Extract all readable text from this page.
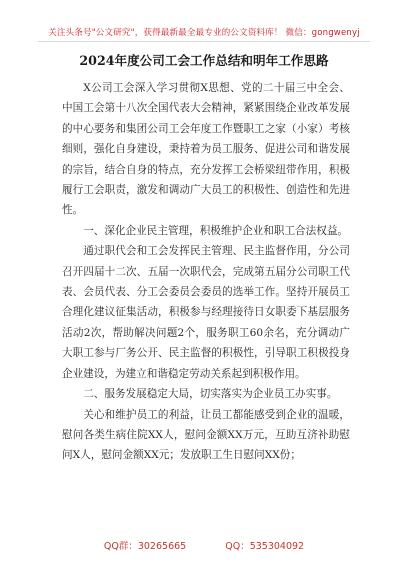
关注头条号"公文研究"，获得最新最全最专业的公文资料库！ 微信：gongwenyj
2024年度公司工会工作总结和明年工作思路

X公司工会深入学习贯彻X思想、党的二十届三中全会、中国工会第十八次全国代表大会精神，紧紧围绕企业改革发展的中心要务和集团公司工会年度工作暨职工之家（小家）考核细则，强化自身建设，秉持着为员工服务、促进公司和谐发展的宗旨，结合自身的特点，充分发挥工会桥梁纽带作用，积极履行工会职责，激发和调动广大员工的积极性、创造性和先进性。

一、深化企业民主管理，积极维护企业和职工合法权益。

通过职代会和工会发挥民主管理、民主监督作用，分公司召开四届十二次、五届一次职代会，完成第五届分公司职工代表、会员代表、分工会委员会委员的选举工作。坚持开展员工合理化建议征集活动，积极参与经理接待日女职委下基层服务活动2次，帮助解决问题2个，服务职工60余名，充分调动广大职工参与厂务公开、民主监督的积极性，引导职工积极投身企业建设，为建立和谐稳定劳动关系起到积极作用。

二、服务发展稳定大局，切实落实为企业员工办实事。

关心和维护员工的利益，让员工都能感受到企业的温暖，慰问各类生病住院XX人，慰问金额XX万元，互助互济补助慰问X人，慰问金额XX元；发放职工生日慰问XX份；

QQ群：30265665	QQ：535304092
